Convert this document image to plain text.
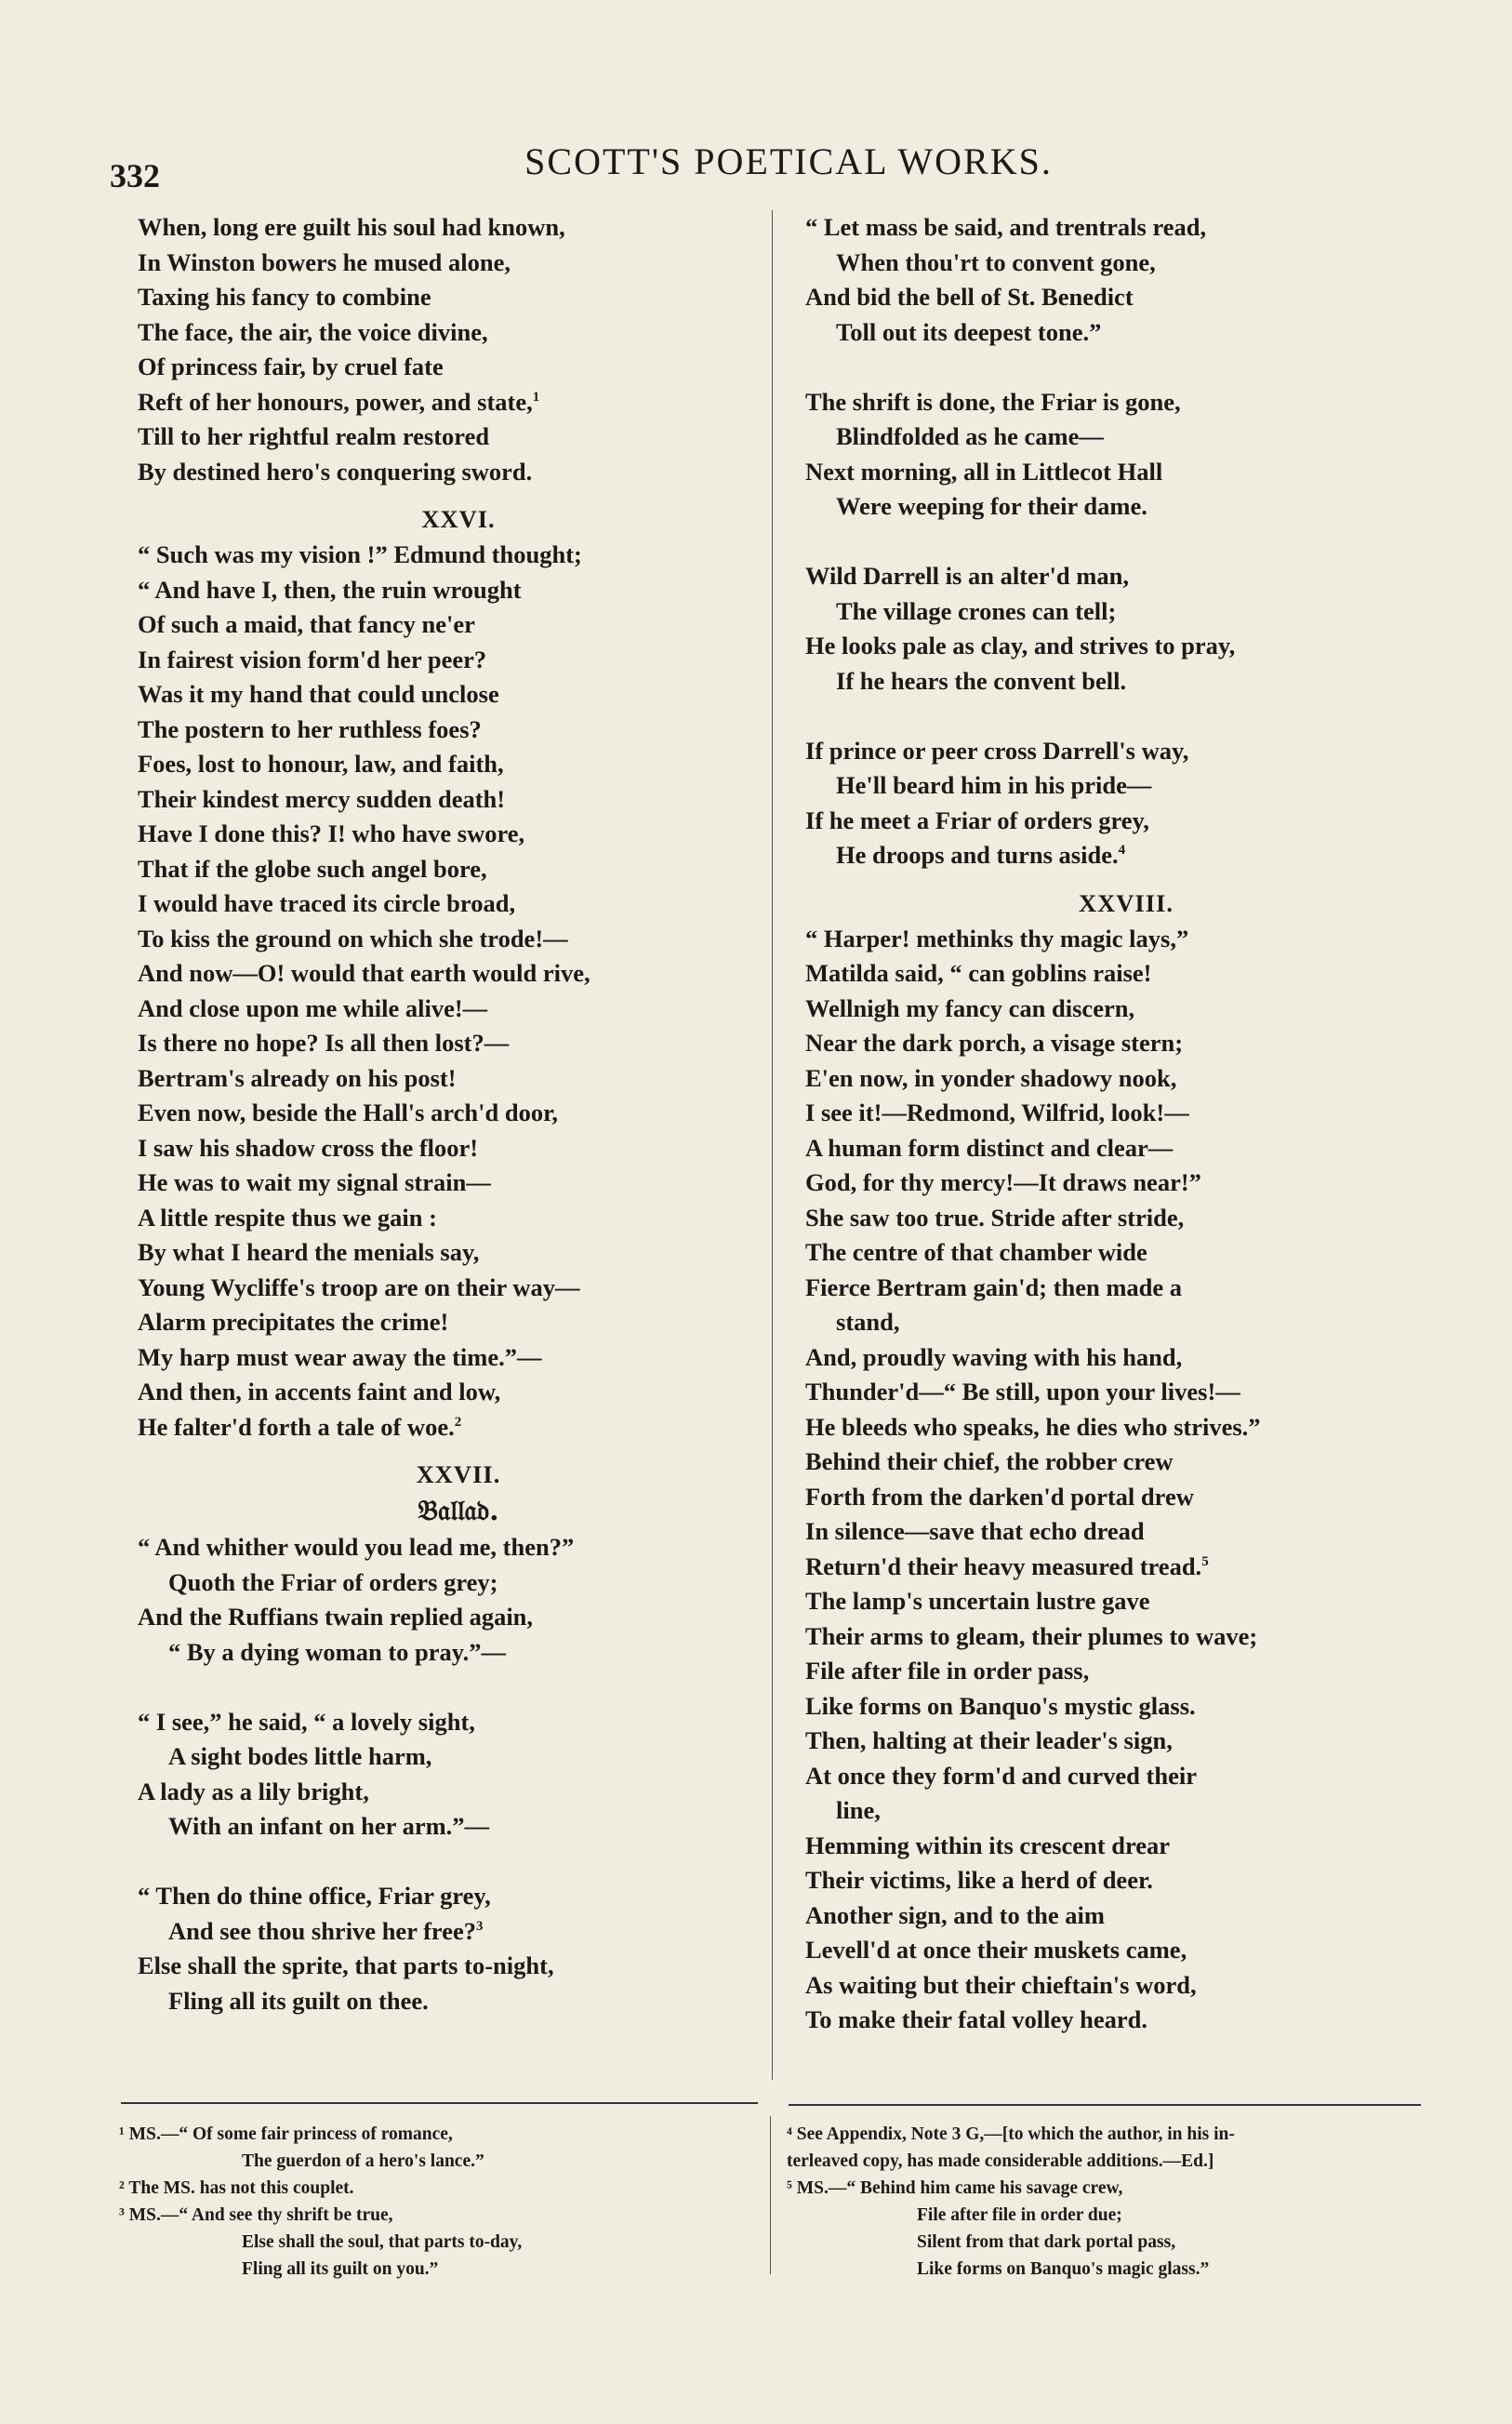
332	SCOTT'S POETICAL WORKS.
When, long ere guilt his soul had known,
In Winston bowers he mused alone,
Taxing his fancy to combine
The face, the air, the voice divine,
Of princess fair, by cruel fate
Reft of her honours, power, and state,$^1$
Till to her rightful realm restored
By destined hero's conquering sword.
XXVI.
“ Such was my vision !” Edmund thought;
“ And have I, then, the ruin wrought
Of such a maid, that fancy ne'er
In fairest vision form'd her peer?
Was it my hand that could unclose
The postern to her ruthless foes?
Foes, lost to honour, law, and faith,
Their kindest mercy sudden death!
Have I done this? I! who have swore,
That if the globe such angel bore,
I would have traced its circle broad,
To kiss the ground on which she trode!—
And now—O! would that earth would rive,
And close upon me while alive!—
Is there no hope? Is all then lost?—
Bertram's already on his post!
Even now, beside the Hall's arch'd door,
I saw his shadow cross the floor!
He was to wait my signal strain—
A little respite thus we gain :
By what I heard the menials say,
Young Wycliffe's troop are on their way—
Alarm precipitates the crime!
My harp must wear away the time.”—
And then, in accents faint and low,
He falter'd forth a tale of woe.$^2$
XXVII.
𝔅𝔞𝔩𝔩𝔞𝔡.
“ And whither would you lead me, then?”
Quoth the Friar of orders grey;
And the Ruffians twain replied again,
“ By a dying woman to pray.”—
“ I see,” he said, “ a lovely sight,
A sight bodes little harm,
A lady as a lily bright,
With an infant on her arm.”—
“ Then do thine office, Friar grey,
And see thou shrive her free?$^3$
Else shall the sprite, that parts to-night,
Fling all its guilt on thee.
“ Let mass be said, and trentrals read,
When thou'rt to convent gone,
And bid the bell of St. Benedict
Toll out its deepest tone.”
The shrift is done, the Friar is gone,
Blindfolded as he came—
Next morning, all in Littlecot Hall
Were weeping for their dame.
Wild Darrell is an alter'd man,
The village crones can tell;
He looks pale as clay, and strives to pray,
If he hears the convent bell.
If prince or peer cross Darrell's way,
He'll beard him in his pride—
If he meet a Friar of orders grey,
He droops and turns aside.$^4$
XXVIII.
“ Harper! methinks thy magic lays,”
Matilda said, “ can goblins raise!
Wellnigh my fancy can discern,
Near the dark porch, a visage stern;
E'en now, in yonder shadowy nook,
I see it!—Redmond, Wilfrid, look!—
A human form distinct and clear—
God, for thy mercy!—It draws near!”
She saw too true. Stride after stride,
The centre of that chamber wide
Fierce Bertram gain'd; then made a
stand,
And, proudly waving with his hand,
Thunder'd—“ Be still, upon your lives!—
He bleeds who speaks, he dies who strives.”
Behind their chief, the robber crew
Forth from the darken'd portal drew
In silence—save that echo dread
Return'd their heavy measured tread.$^5$
The lamp's uncertain lustre gave
Their arms to gleam, their plumes to wave;
File after file in order pass,
Like forms on Banquo's mystic glass.
Then, halting at their leader's sign,
At once they form'd and curved their
line,
Hemming within its crescent drear
Their victims, like a herd of deer.
Another sign, and to the aim
Levell'd at once their muskets came,
As waiting but their chieftain's word,
To make their fatal volley heard.
¹ MS.—“ Of some fair princess of romance,
The guerdon of a hero's lance.”
² The MS. has not this couplet.
³ MS.—“ And see thy shrift be true,
Else shall the soul, that parts to-day,
Fling all its guilt on you.”
⁴ See Appendix, Note 3 G,—[to which the author, in his in-
terleaved copy, has made considerable additions.—Ed.]
⁵ MS.—“ Behind him came his savage crew,
File after file in order due;
Silent from that dark portal pass,
Like forms on Banquo's magic glass.”
